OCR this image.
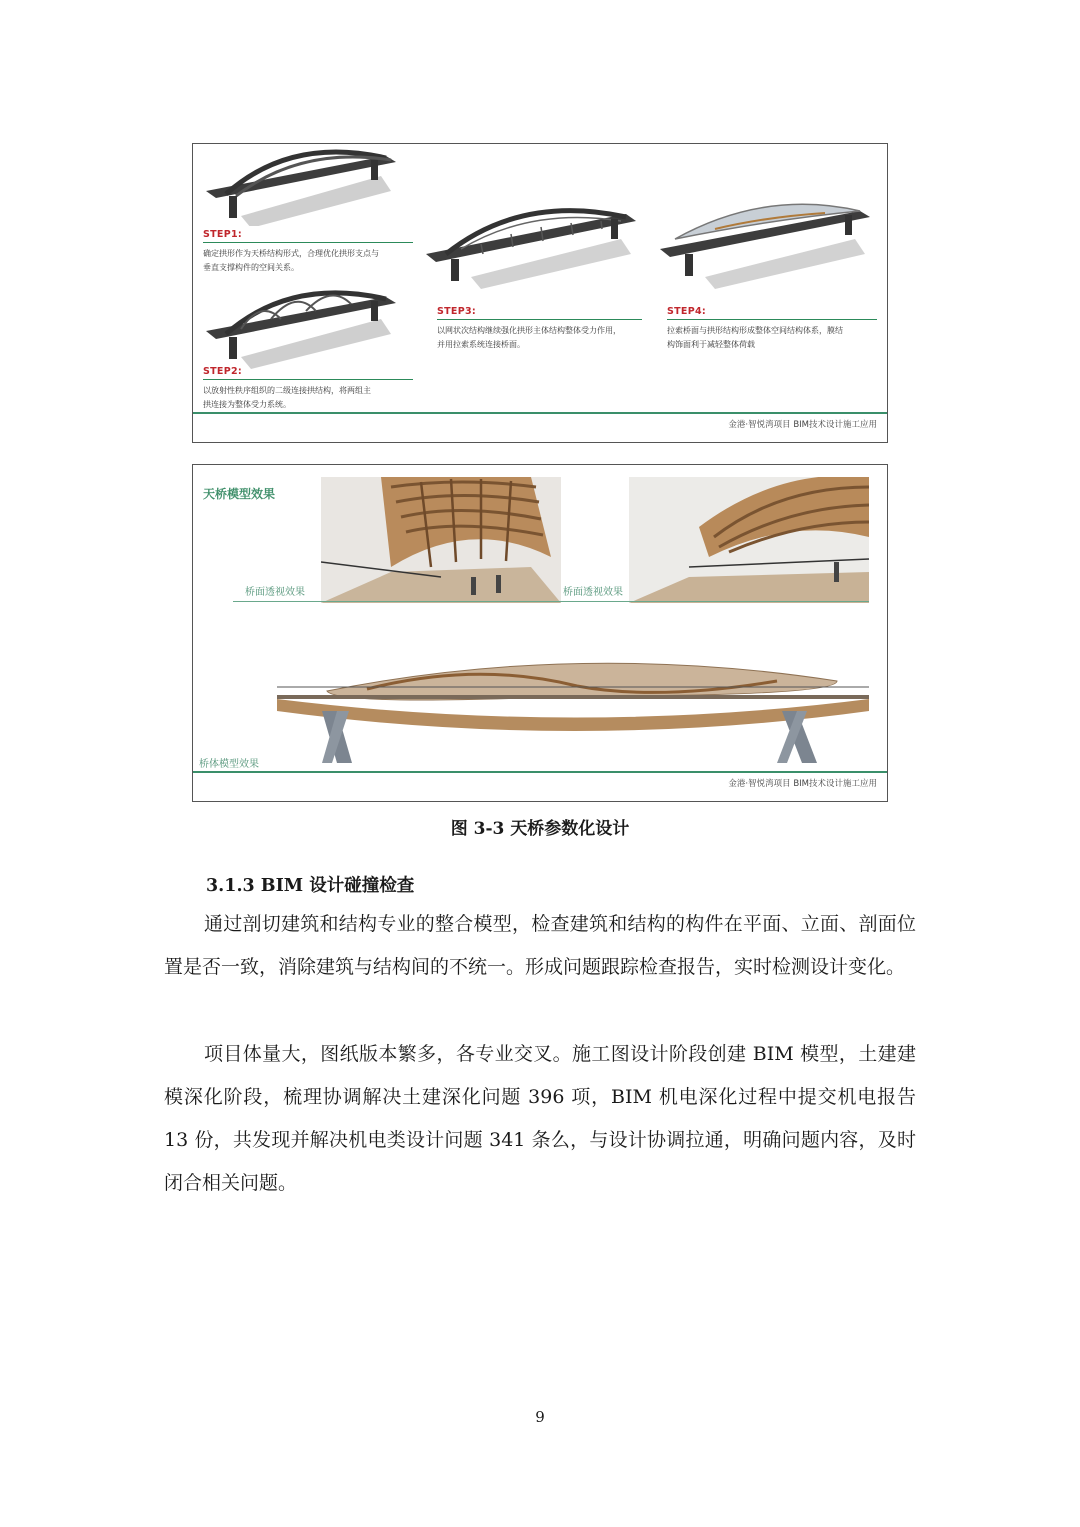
STEP1:
确定拱形作为天桥结构形式，合理优化拱形支点与
垂直支撑构件的空间关系。
STEP2:
以放射性秩序组织的二级连接拱结构，将两组主
拱连接为整体受力系统。
STEP3:
以网状次结构继续强化拱形主体结构整体受力作用，
并用拉索系统连接桥面。
STEP4:
拉索桥面与拱形结构形成整体空间结构体系，膜结
构饰面利于减轻整体荷载
金港·智悦湾项目 BIM技术设计施工应用
天桥模型效果
桥面透视效果	桥面透视效果
桥体模型效果
金港·智悦湾项目 BIM技术设计施工应用
图 3-3 天桥参数化设计
3.1.3 BIM 设计碰撞检查

通过剖切建筑和结构专业的整合模型，检查建筑和结构的构件在平面、立面、剖面位置是否一致，消除建筑与结构间的不统一。形成问题跟踪检查报告，实时检测设计变化。

项目体量大，图纸版本繁多，各专业交叉。施工图设计阶段创建 BIM 模型，土建建模深化阶段，梳理协调解决土建深化问题 396 项，BIM 机电深化过程中提交机电报告 13 份，共发现并解决机电类设计问题 341 条么，与设计协调拉通，明确问题内容，及时闭合相关问题。

9
